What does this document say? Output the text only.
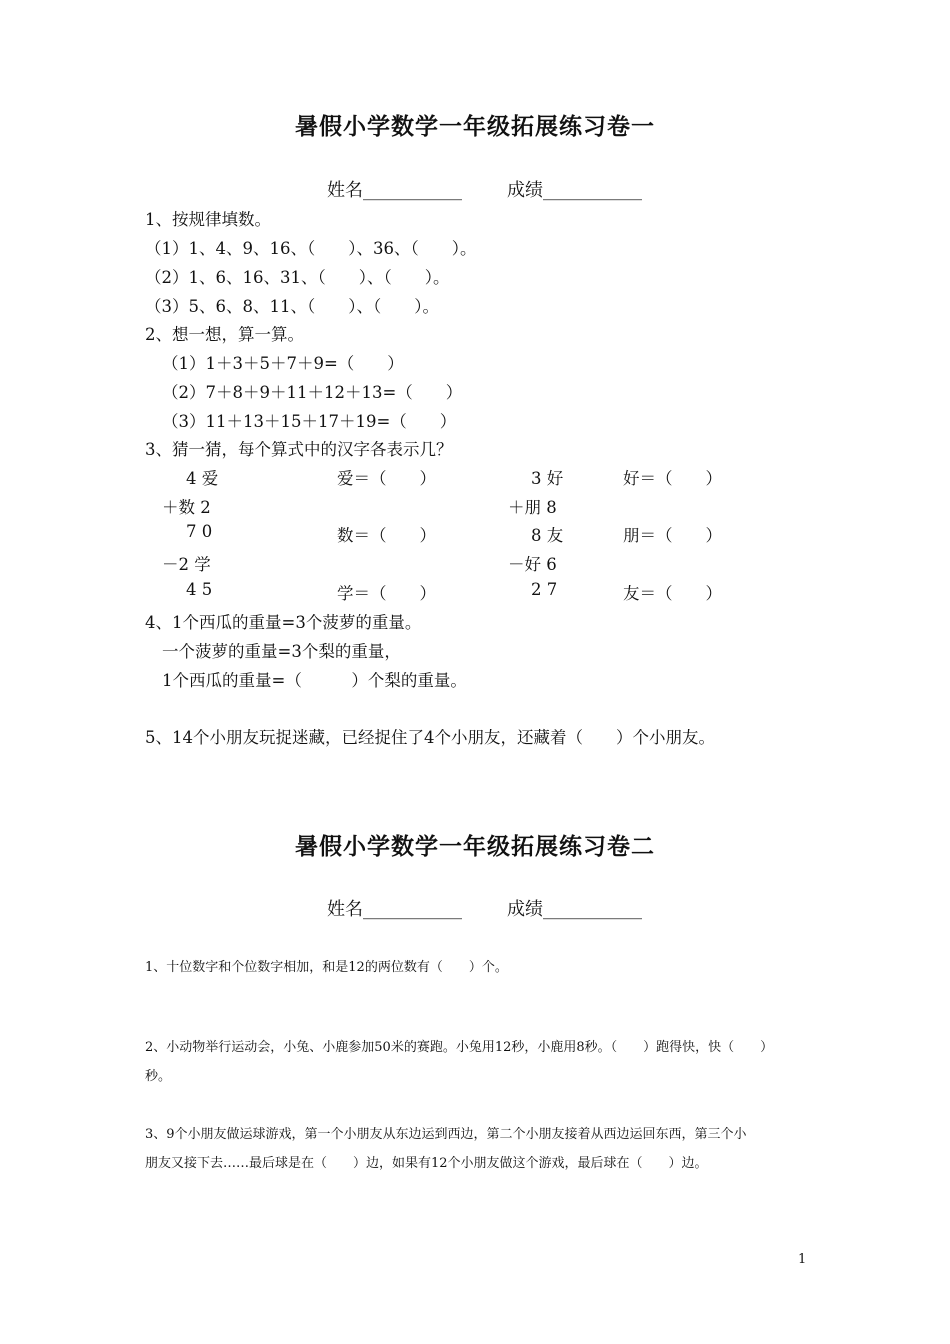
暑假小学数学一年级拓展练习卷一
姓名___________	成绩___________
1、按规律填数。
（1）1、4、9、16、（　　）、36、（　　）。
（2）1、6、16、31、（　　）、（　　）。
（3）5、6、8、11、（　　）、（　　）。
2、想一想，算一算。
（1）1＋3＋5＋7＋9=（　　）
（2）7＋8＋9＋11＋12＋13=（　　）
（3）11＋13＋15＋17＋19=（　　）
3、猜一猜，每个算式中的汉字各表示几？
4 爱
＋数 2
7 0
－2 学
4 5
爱＝（　　）
数＝（　　）
学＝（　　）
3 好
＋朋 8
8 友
－好 6
2 7
好＝（　　）
朋＝（　　）
友＝（　　）
4、1个西瓜的重量=3个菠萝的重量。
一个菠萝的重量=3个梨的重量，
1个西瓜的重量=（　　　）个梨的重量。
5、14个小朋友玩捉迷藏，已经捉住了4个小朋友，还藏着（　　）个小朋友。
暑假小学数学一年级拓展练习卷二
姓名___________	成绩___________
1、十位数字和个位数字相加，和是12的两位数有（　　）个。
2、小动物举行运动会，小兔、小鹿参加50米的赛跑。小兔用12秒，小鹿用8秒。（　　）跑得快，快（　　）
秒。
3、9个小朋友做运球游戏，第一个小朋友从东边运到西边，第二个小朋友接着从西边运回东西，第三个小
朋友又接下去……最后球是在（　　）边，如果有12个小朋友做这个游戏，最后球在（　　）边。
1
